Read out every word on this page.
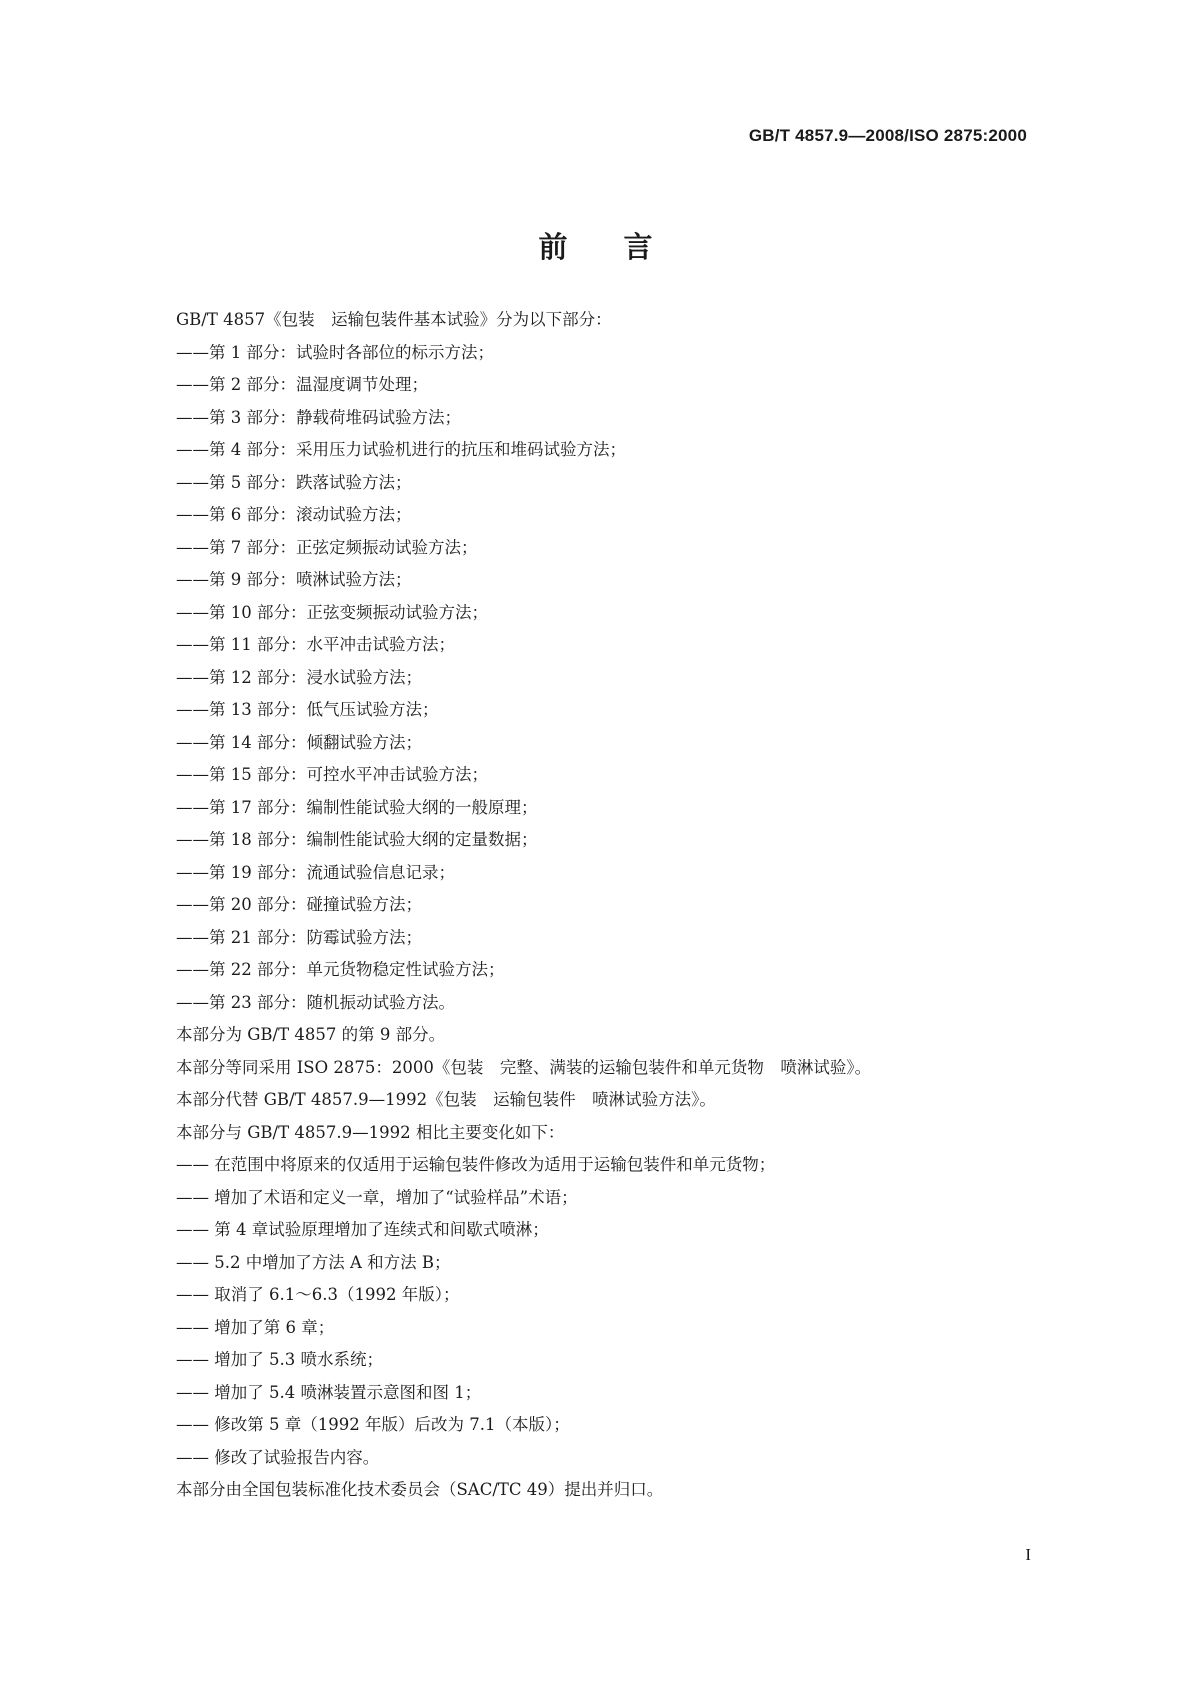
GB/T 4857.9—2008/ISO 2875:2000
前言
GB/T 4857《包装　运输包装件基本试验》分为以下部分：
——第 1 部分：试验时各部位的标示方法；
——第 2 部分：温湿度调节处理；
——第 3 部分：静载荷堆码试验方法；
——第 4 部分：采用压力试验机进行的抗压和堆码试验方法；
——第 5 部分：跌落试验方法；
——第 6 部分：滚动试验方法；
——第 7 部分：正弦定频振动试验方法；
——第 9 部分：喷淋试验方法；
——第 10 部分：正弦变频振动试验方法；
——第 11 部分：水平冲击试验方法；
——第 12 部分：浸水试验方法；
——第 13 部分：低气压试验方法；
——第 14 部分：倾翻试验方法；
——第 15 部分：可控水平冲击试验方法；
——第 17 部分：编制性能试验大纲的一般原理；
——第 18 部分：编制性能试验大纲的定量数据；
——第 19 部分：流通试验信息记录；
——第 20 部分：碰撞试验方法；
——第 21 部分：防霉试验方法；
——第 22 部分：单元货物稳定性试验方法；
——第 23 部分：随机振动试验方法。
本部分为 GB/T 4857 的第 9 部分。
本部分等同采用 ISO 2875：2000《包装　完整、满装的运输包装件和单元货物　喷淋试验》。
本部分代替 GB/T 4857.9—1992《包装　运输包装件　喷淋试验方法》。
本部分与 GB/T 4857.9—1992 相比主要变化如下：
—— 在范围中将原来的仅适用于运输包装件修改为适用于运输包装件和单元货物；
—— 增加了术语和定义一章，增加了“试验样品”术语；
—— 第 4 章试验原理增加了连续式和间歇式喷淋；
—— 5.2 中增加了方法 A 和方法 B；
—— 取消了 6.1～6.3（1992 年版）；
—— 增加了第 6 章；
—— 增加了 5.3 喷水系统；
—— 增加了 5.4 喷淋装置示意图和图 1；
—— 修改第 5 章（1992 年版）后改为 7.1（本版）；
—— 修改了试验报告内容。
本部分由全国包装标准化技术委员会（SAC/TC 49）提出并归口。
I
